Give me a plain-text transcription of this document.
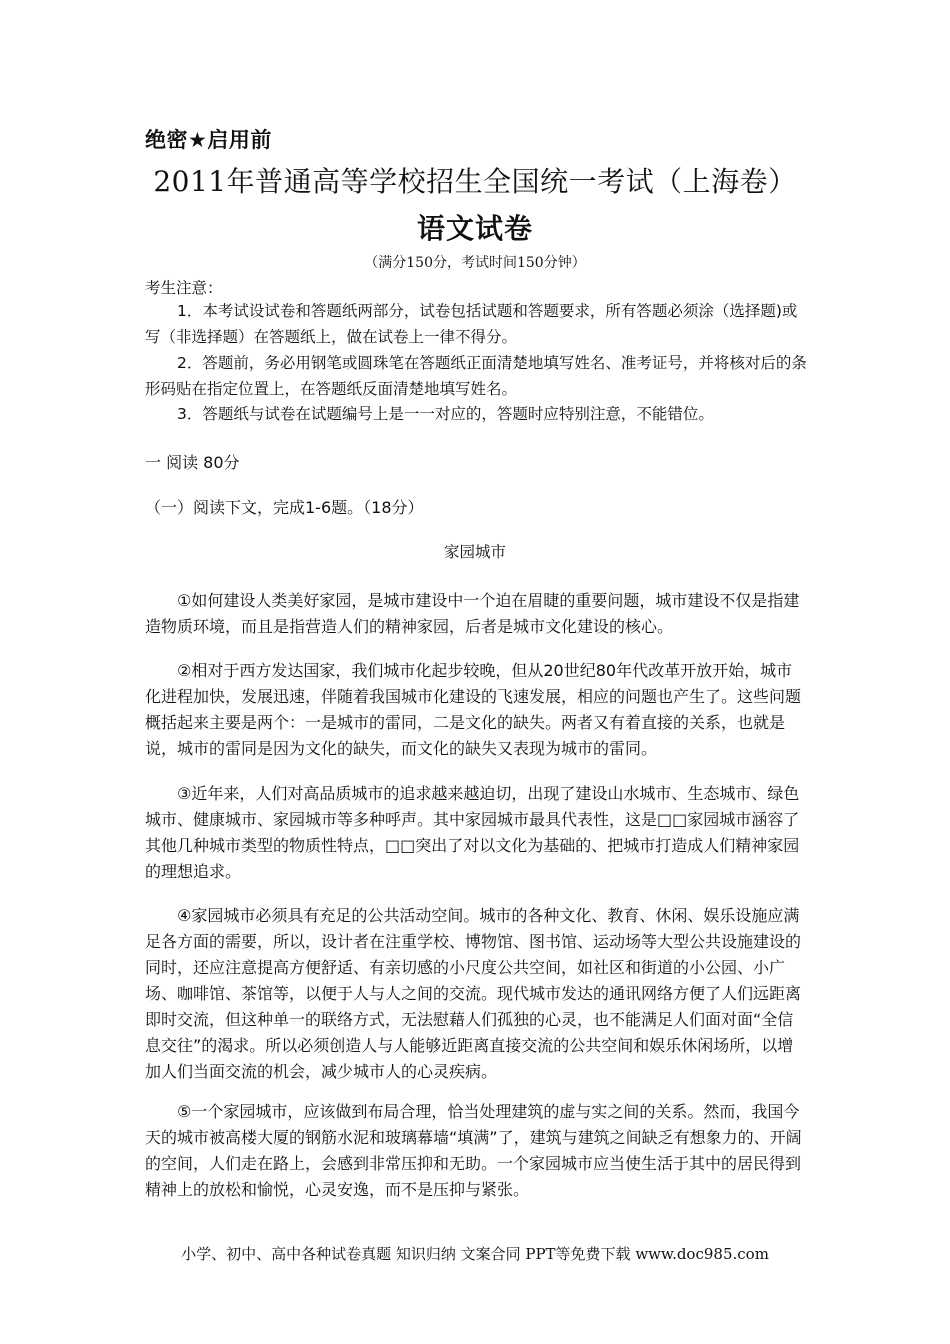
绝密★启用前
2011年普通高等学校招生全国统一考试（上海卷）
语文试卷
（满分150分，考试时间150分钟）
考生注意：

1．本考试设试卷和答题纸两部分，试卷包括试题和答题要求，所有答题必须涂（选择题)或写（非选择题）在答题纸上，做在试卷上一律不得分。

2．答题前，务必用钢笔或圆珠笔在答题纸正面清楚地填写姓名、准考证号，并将核对后的条形码贴在指定位置上，在答题纸反面清楚地填写姓名。

3．答题纸与试卷在试题编号上是一一对应的，答题时应特别注意，不能错位。

一 阅读 80分
（一）阅读下文，完成1-6题。（18分）
家园城市

①如何建设人类美好家园，是城市建设中一个迫在眉睫的重要问题，城市建设不仅是指建造物质环境，而且是指营造人们的精神家园，后者是城市文化建设的核心。

②相对于西方发达国家，我们城市化起步较晚，但从20世纪80年代改革开放开始，城市化进程加快，发展迅速，伴随着我国城市化建设的飞速发展，相应的问题也产生了。这些问题概括起来主要是两个：一是城市的雷同，二是文化的缺失。两者又有着直接的关系，也就是说，城市的雷同是因为文化的缺失，而文化的缺失又表现为城市的雷同。

③近年来，人们对高品质城市的追求越来越迫切，出现了建设山水城市、生态城市、绿色城市、健康城市、家园城市等多种呼声。其中家园城市最具代表性，这是□□家园城市涵容了其他几种城市类型的物质性特点，□□突出了对以文化为基础的、把城市打造成人们精神家园的理想追求。

④家园城市必须具有充足的公共活动空间。城市的各种文化、教育、休闲、娱乐设施应满足各方面的需要，所以，设计者在注重学校、博物馆、图书馆、运动场等大型公共设施建设的同时，还应注意提高方便舒适、有亲切感的小尺度公共空间，如社区和街道的小公园、小广场、咖啡馆、茶馆等，以便于人与人之间的交流。现代城市发达的通讯网络方便了人们远距离即时交流，但这种单一的联络方式，无法慰藉人们孤独的心灵，也不能满足人们面对面“全信息交往”的渴求。所以必须创造人与人能够近距离直接交流的公共空间和娱乐休闲场所，以增加人们当面交流的机会，减少城市人的心灵疾病。

⑤一个家园城市，应该做到布局合理，恰当处理建筑的虚与实之间的关系。然而，我国今天的城市被高楼大厦的钢筋水泥和玻璃幕墙“填满”了，建筑与建筑之间缺乏有想象力的、开阔的空间，人们走在路上，会感到非常压抑和无助。一个家园城市应当使生活于其中的居民得到精神上的放松和愉悦，心灵安逸，而不是压抑与紧张。

小学、初中、高中各种试卷真题 知识归纳 文案合同 PPT等免费下载 www.doc985.com
